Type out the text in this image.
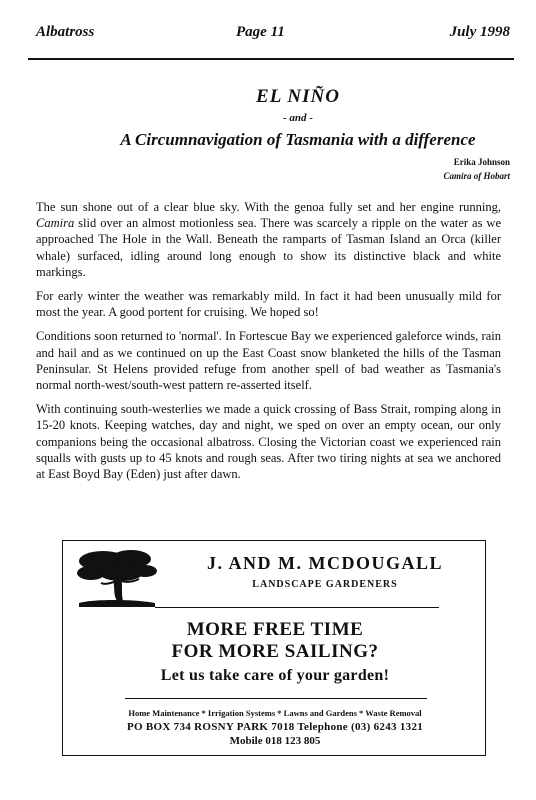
Albatross	Page 11	July 1998
EL NIÑO
- and -
A Circumnavigation of Tasmania with a difference
Erika Johnson
Camira of Hobart

The sun shone out of a clear blue sky. With the genoa fully set and her engine running, Camira slid over an almost motionless sea. There was scarcely a ripple on the water as we approached The Hole in the Wall. Beneath the ramparts of Tasman Island an Orca (killer whale) surfaced, idling around long enough to show its distinctive black and white markings.

For early winter the weather was remarkably mild. In fact it had been unusually mild for most the year. A good portent for cruising. We hoped so!

Conditions soon returned to 'normal'. In Fortescue Bay we experienced galeforce winds, rain and hail and as we continued on up the East Coast snow blanketed the hills of the Tasman Peninsular. St Helens provided refuge from another spell of bad weather as Tasmania's normal north-west/south-west pattern re-asserted itself.

With continuing south-westerlies we made a quick crossing of Bass Strait, romping along in 15-20 knots. Keeping watches, day and night, we sped on over an empty ocean, our only companions being the occasional albatross. Closing the Victorian coast we experienced rain squalls with gusts up to 45 knots and rough seas. After two tiring nights at sea we anchored at East Boyd Bay (Eden) just after dawn.

J. AND M. MCDOUGALL
LANDSCAPE GARDENERS
MORE FREE TIME
FOR MORE SAILING?
Let us take care of your garden!
Home Maintenance * Irrigation Systems * Lawns and Gardens * Waste Removal
PO BOX 734 ROSNY PARK 7018 Telephone (03) 6243 1321
Mobile 018 123 805
